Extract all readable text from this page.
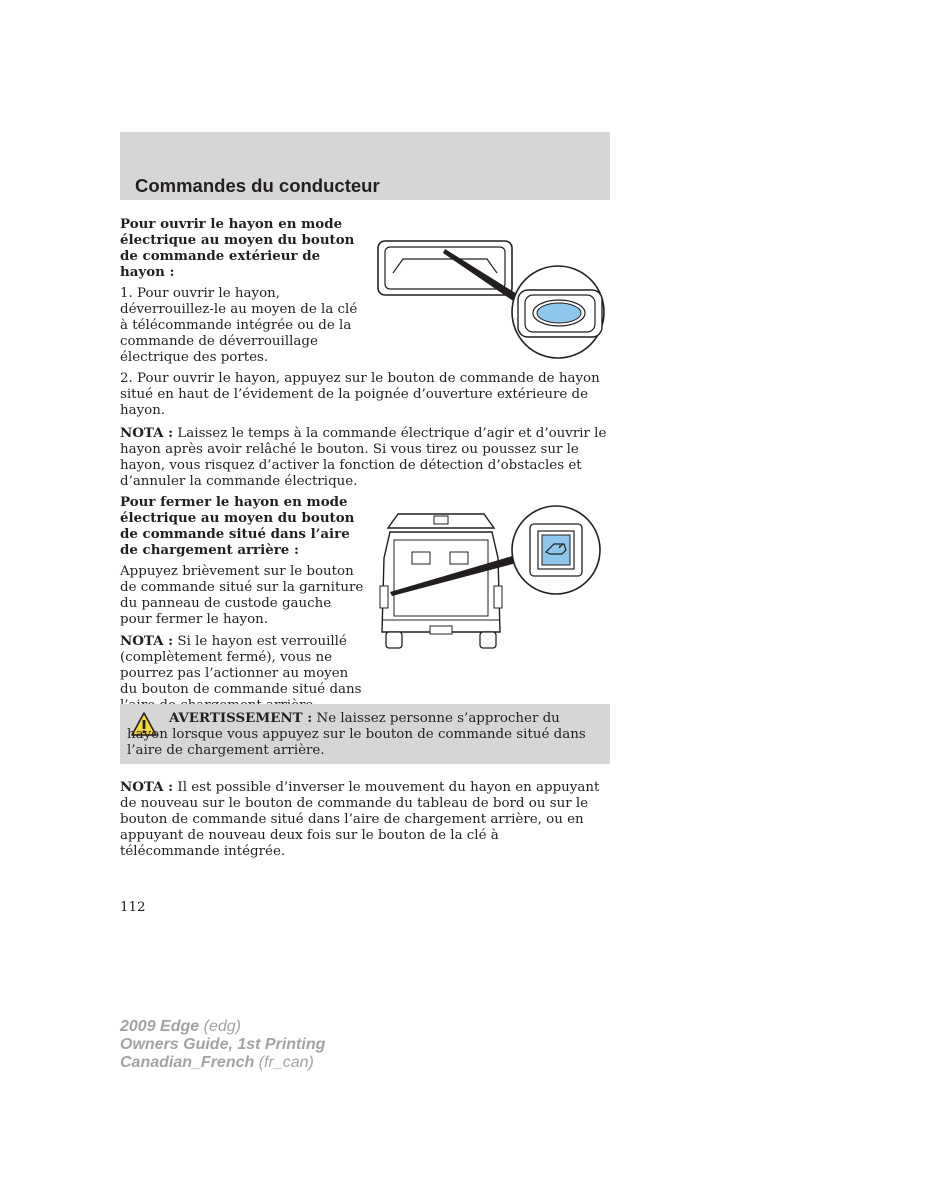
Commandes du conducteur

Pour ouvrir le hayon en mode électrique au moyen du bouton de commande extérieur de hayon :

1. Pour ouvrir le hayon, déverrouillez-le au moyen de la clé à télécommande intégrée ou de la commande de déverrouillage électrique des portes.

2. Pour ouvrir le hayon, appuyez sur le bouton de commande de hayon situé en haut de l’évidement de la poignée d’ouverture extérieure de hayon.

NOTA : Laissez le temps à la commande électrique d’agir et d’ouvrir le hayon après avoir relâché le bouton. Si vous tirez ou poussez sur le hayon, vous risquez d’activer la fonction de détection d’obstacles et d’annuler la commande électrique.

Pour fermer le hayon en mode électrique au moyen du bouton de commande situé dans l’aire de chargement arrière :

Appuyez brièvement sur le bouton de commande situé sur la garniture du panneau de custode gauche pour fermer le hayon.

NOTA : Si le hayon est verrouillé (complètement fermé), vous ne pourrez pas l’actionner au moyen du bouton de commande situé dans

AVERTISSEMENT : Ne laissez personne s’approcher du hayon lorsque vous appuyez sur le bouton de commande situé dans l’aire de chargement arrière.

NOTA : Il est possible d’inverser le mouvement du hayon en appuyant de nouveau sur le bouton de commande du tableau de bord ou sur le bouton de commande situé dans l’aire de chargement arrière, ou en appuyant de nouveau deux fois sur le bouton de la clé à télécommande intégrée.

112
2009 Edge (edg)
Owners Guide, 1st Printing
Canadian_French (fr_can)
